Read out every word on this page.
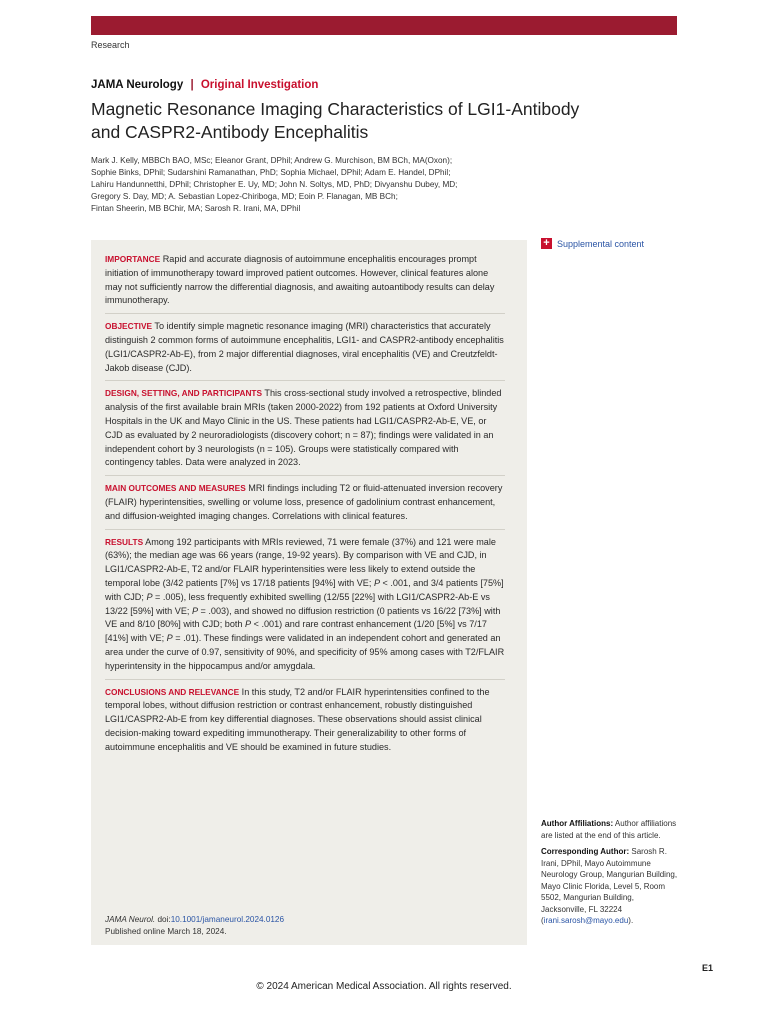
Research
JAMA Neurology | Original Investigation
Magnetic Resonance Imaging Characteristics of LGI1-Antibody
and CASPR2-Antibody Encephalitis
Mark J. Kelly, MBBCh BAO, MSc; Eleanor Grant, DPhil; Andrew G. Murchison, BM BCh, MA(Oxon);
Sophie Binks, DPhil; Sudarshini Ramanathan, PhD; Sophia Michael, DPhil; Adam E. Handel, DPhil;
Lahiru Handunnetthi, DPhil; Christopher E. Uy, MD; John N. Soltys, MD, PhD; Divyanshu Dubey, MD;
Gregory S. Day, MD; A. Sebastian Lopez-Chiriboga, MD; Eoin P. Flanagan, MB BCh;
Fintan Sheerin, MB BChir, MA; Sarosh R. Irani, MA, DPhil
+ Supplemental content
IMPORTANCE Rapid and accurate diagnosis of autoimmune encephalitis encourages prompt initiation of immunotherapy toward improved patient outcomes. However, clinical features alone may not sufficiently narrow the differential diagnosis, and awaiting autoantibody results can delay immunotherapy.
OBJECTIVE To identify simple magnetic resonance imaging (MRI) characteristics that accurately distinguish 2 common forms of autoimmune encephalitis, LGI1- and CASPR2-antibody encephalitis (LGI1/CASPR2-Ab-E), from 2 major differential diagnoses, viral encephalitis (VE) and Creutzfeldt-Jakob disease (CJD).
DESIGN, SETTING, AND PARTICIPANTS This cross-sectional study involved a retrospective, blinded analysis of the first available brain MRIs (taken 2000-2022) from 192 patients at Oxford University Hospitals in the UK and Mayo Clinic in the US. These patients had LGI1/CASPR2-Ab-E, VE, or CJD as evaluated by 2 neuroradiologists (discovery cohort; n = 87); findings were validated in an independent cohort by 3 neurologists (n = 105). Groups were statistically compared with contingency tables. Data were analyzed in 2023.
MAIN OUTCOMES AND MEASURES MRI findings including T2 or fluid-attenuated inversion recovery (FLAIR) hyperintensities, swelling or volume loss, presence of gadolinium contrast enhancement, and diffusion-weighted imaging changes. Correlations with clinical features.
RESULTS Among 192 participants with MRIs reviewed, 71 were female (37%) and 121 were male (63%); the median age was 66 years (range, 19-92 years). By comparison with VE and CJD, in LGI1/CASPR2-Ab-E, T2 and/or FLAIR hyperintensities were less likely to extend outside the temporal lobe (3/42 patients [7%] vs 17/18 patients [94%] with VE; P < .001, and 3/4 patients [75%] with CJD; P = .005), less frequently exhibited swelling (12/55 [22%] with LGI1/CASPR2-Ab-E vs 13/22 [59%] with VE; P = .003), and showed no diffusion restriction (0 patients vs 16/22 [73%] with VE and 8/10 [80%] with CJD; both P < .001) and rare contrast enhancement (1/20 [5%] vs 7/17 [41%] with VE; P = .01). These findings were validated in an independent cohort and generated an area under the curve of 0.97, sensitivity of 90%, and specificity of 95% among cases with T2/FLAIR hyperintensity in the hippocampus and/or amygdala.
CONCLUSIONS AND RELEVANCE In this study, T2 and/or FLAIR hyperintensities confined to the temporal lobes, without diffusion restriction or contrast enhancement, robustly distinguished LGI1/CASPR2-Ab-E from key differential diagnoses. These observations should assist clinical decision-making toward expediting immunotherapy. Their generalizability to other forms of autoimmune encephalitis and VE should be examined in future studies.
JAMA Neurol. doi:10.1001/jamaneurol.2024.0126
Published online March 18, 2024.

Author Affiliations: Author affiliations are listed at the end of this article.

Corresponding Author: Sarosh R. Irani, DPhil, Mayo Autoimmune Neurology Group, Mangurian Building, Mayo Clinic Florida, Level 5, Room 5502, Mangurian Building, Jacksonville, FL 32224 (irani.sarosh@mayo.edu).

E1
© 2024 American Medical Association. All rights reserved.
